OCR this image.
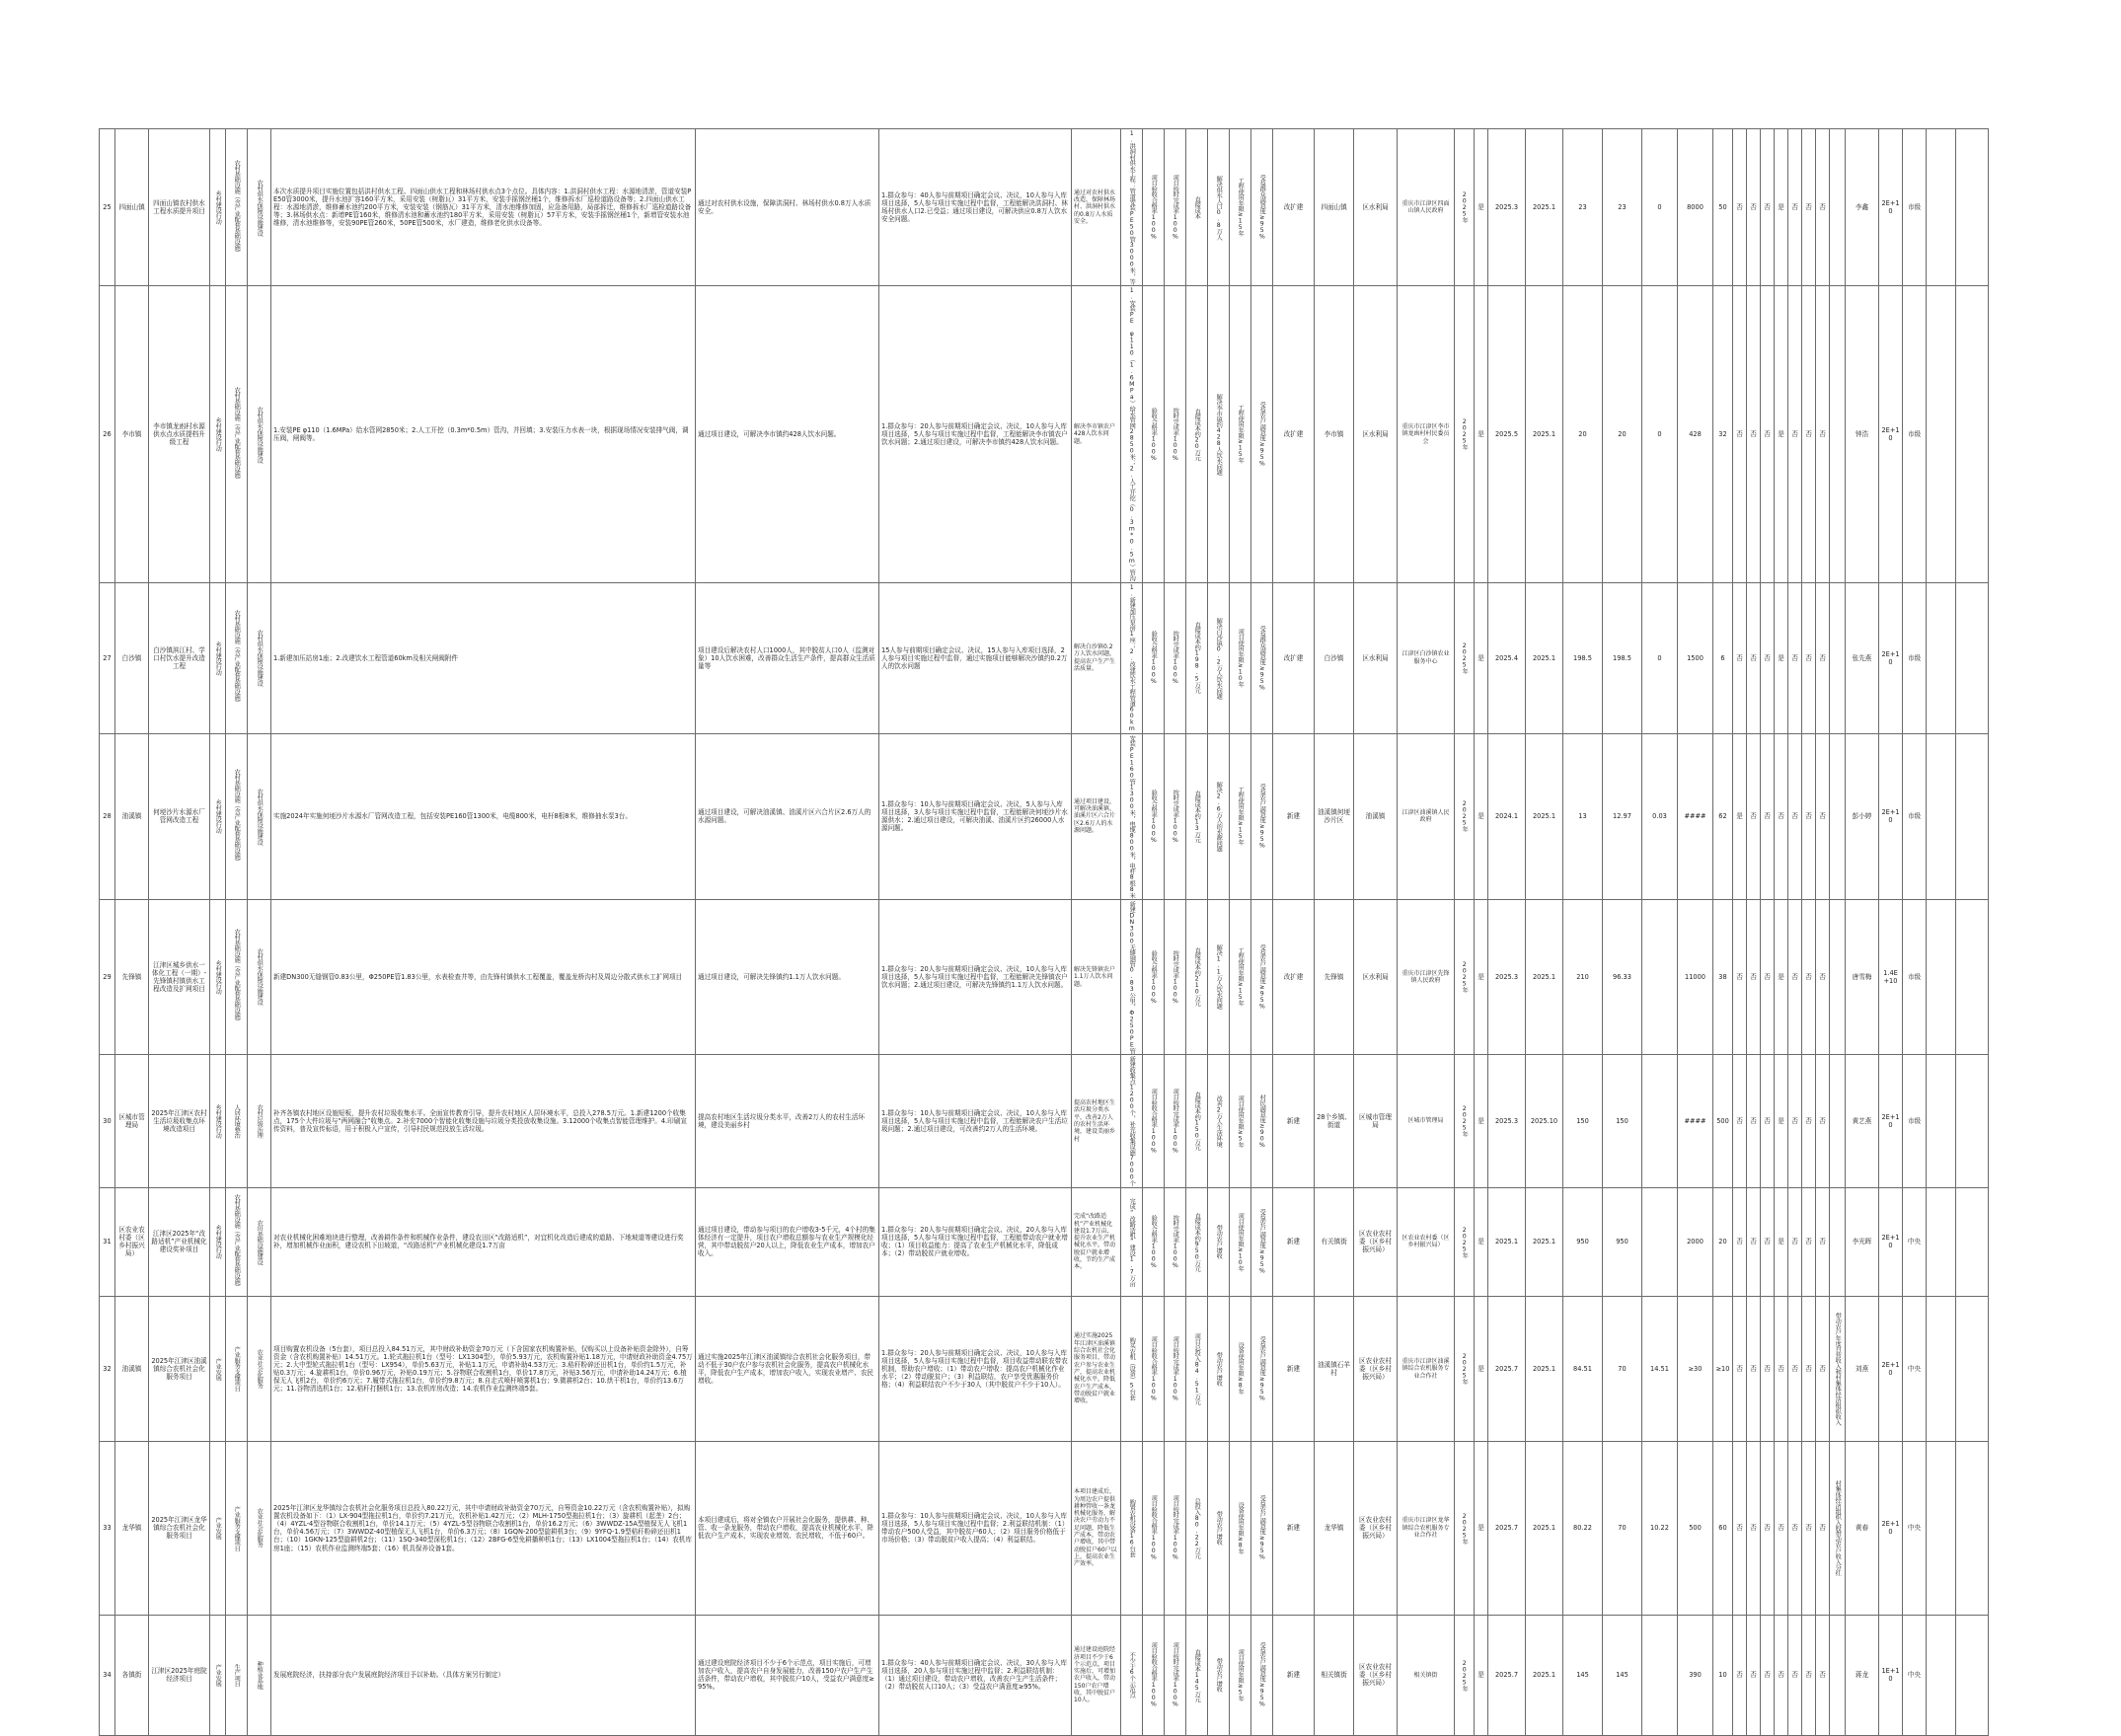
25	四面山镇	四面山镇农村供水工程水质提升项目	乡村建设行动	农村基础设施（含产业配套基础设施）	农村供水保障设施建设	本次水质提升项目实施位置包括洪村供水工程、四面山供水工程和林场村供水点3个点位。具体内容：1.洪洞村供水工程：水源地清淤，管道安装PE50管3000米，提升水池扩容160平方米，采用安装（树脂瓦）31平方米，安装手摇钢丝桶1个，维修拆水厂巡检道路设备等；2.四面山供水工程：水源地清淤，维修蓄水池约200平方米，安装安装（钢筋瓦）31平方米，清水池维修加固，应急备用路，局部拆迁，维修拆水厂巡检道路设备等；3.林场供水点：新增PE管160米，维修清水池和蓄水池约180平方米，采用安装（树脂瓦）57平方米，安装手摇钢丝桶1个，新增管安装水池维修，清水池维修等，安装90PE管260米，50PE管500米，水厂建造，维修老化供水设备等。	通过对农村供水设施，保障洪洞村、林场村供水0.8万人水质安全。	1.群众参与：40人参与前期项目确定会议、决议，10人参与入库项目选择，5人参与项目实施过程中监督，工程能解决洪洞村、林场村供水人口2.已受益；通过项目建设，可解决供应0.8万人饮水安全问题。	通过对农村供水改造，保障林场村、洪洞村供水的0.8万人水质安全。	1.洪洞村供水工程：管道安装PE50管3000米，等	项目验收合格率100%	项目按时完成率100%	直接成本	解决供水人口0.8万人	工程使用年限≥15年	受益群众满意度≥95%	改扩建	四面山镇	区水利局	重庆市江津区四面山镇人民政府	2025年	是	2025.3	2025.1	23	23	0	8000	50	否	否	否	是	否	否	否		李鑫	2E+10	市级		
26	李市镇	李市镇龙凼村水源供水点水质提档升级工程	乡村建设行动	农村基础设施（含产业配套基础设施）	农村供水保障设施建设	1.安装PE φ110（1.6MPa）给水管网2850米；2.人工开挖（0.3m*0.5m）管沟，并回填；3.安装压力水表一块，根据现场情况安装排气阀，调压阀，闸阀等。	通过项目建设，可解决李市镇约428人饮水问题。	1.群众参与：20人参与前期项目确定会议、决议，10人参与入库项目选择，5人参与项目实施过程中监督，工程能解决李市镇农户饮水问题；2.通过项目建设，可解决李市镇约428人饮水问题。	解决李市镇农户428人饮水问题。	1.安装PE φ110（1.6MPa）给水管网2850米；2.人工开挖（0.3m*0.5m）管沟	验收合格率100%	按时完成率100%	直接成本约20万元	解决李市镇约428人饮水问题	工程使用年限≥15年	受益农户满意度≥95%	改扩建	李市镇	区水利局	重庆市江津区李市镇龙凼村村民委员会	2025年	是	2025.5	2025.1	20	20	0	428	32	否	否	否	是	否	否	否		钟浩	2E+10	市级		
27	白沙镇	白沙镇滨江村、学口村饮水提升改造工程	乡村建设行动	农村基础设施（含产业配套基础设施）	农村供水保障设施建设	1.新建加压站房1座；2.改建饮水工程管道60km及相关闸阀附件	项目建设后解决农村人口1000人，其中脱贫人口0人（监测对象）10人饮水困难，改善群众生活生产条件，提高群众生活质量等	15人参与前期项目确定会议、决议，15人参与入库项目选择，2人参与项目实施过程中监督，通过实施项目能够解决沙镇约0.2万人的饮水问题	解决白沙镇0.2万人饮水问题，提高农户生产生活质量。	1.新建加压泵房1座；2.改建饮水工程管道60km	验收合格率100%	按时完成率100%	直接成本约198.5万元	解决白沙镇0.2万人饮水问题	项目使用年限≥10年	受益群众满意度≥95%	改扩建	白沙镇	区水利局	江津区白沙镇农业服务中心	2025年	是	2025.4	2025.1	198.5	198.5	0	1500	6	否	否	否	是	否	否	否		张先燕	2E+10	市级		
28	油溪镇	何埂沙片水源水厂管网改造工程	乡村建设行动	农村基础设施（含产业配套基础设施）	农村供水保障设施建设	实施2024年实施何埂沙片水源水厂管网改造工程，包括安装PE160管1300米，电缆800米，电杆8根8米，维修抽水泵3台。	通过项目建设，可解决油溪镇、油溪片区六合片区2.6万人的水源问题。	1.群众参与：10人参与前期项目确定会议、决议，5人参与入库项目选择，3人参与项目实施过程中监督，工程能解决何埂沙片水源供水；2.通过项目建设，可解决油溪、油溪片区约26000人水源问题。	通过项目建设，可解决油溪镇、油溪片区六合片区2.6万人的水源问题。	安装PE160管1300米，电缆800米，电杆8根8米	验收合格率100%	按时完成率100%	直接成本约13万元	解决2.6万人的水源问题	工程使用年限≥15年	受益农户满意度≥95%	新建	油溪镇何埂沙片区	油溪镇	江津区油溪镇人民政府	2025年	是	2024.1	2025.1	13	12.97	0.03	####	62	是	否	否	否	否	否	否		彭小婷	2E+10	市级		
29	先锋镇	江津区城乡供水一体化工程（一期）-先锋镇村镇供水工程改造及扩网项目	乡村建设行动	农村基础设施（含产业配套基础设施）	农村供水保障设施建设	新建DN300无缝钢管0.83公里，Φ250PE管1.83公里，水表检查井等，由先锋村镇供水工程覆盖，覆盖龙桥沟村及周边分散式供水工扩网项目	通过项目建设，可解决先锋镇约1.1万人饮水问题。	1.群众参与：20人参与前期项目确定会议、决议，10人参与入库项目选择，5人参与项目实施过程中监督，工程能解决先锋镇农户饮水问题；2.通过项目建设，可解决先锋镇约1.1万人饮水问题。	解决先锋镇农户1.1万人饮水问题。	新建DN300无缝钢管0.83公里，Φ250PE管	验收合格率100%	按时完成率100%	直接成本约210万元	解决1.1万人饮水问题	工程使用年限≥15年	受益农户满意度≥95%	改扩建	先锋镇	区水利局	重庆市江津区先锋镇人民政府	2025年	是	2025.3	2025.1	210	96.33		11000	38	否	否	否	是	否	否	否		唐雪梅	1.4E+10	市级		
30	区城市管理局	2025年江津区农村生活垃圾收集点环境改造项目	乡村建设行动	人居环境整治	农村垃圾治理	补齐各镇农村地区设施短板，提升农村垃圾收集水平。全面宣传教育引导，提升农村地区人居环境水平，总投入278.5万元。1.新建1200个收集点，175个大件垃圾与“两网融合”收集点。2.补充7000个智能化收集设施与垃圾分类投放收集设施。3.12000个收集点智能管理维护。4.印刷宣传资料，普及宣传标语，用于积极入户宣传，引导村民规范投放生活垃圾。	提高农村地区生活垃圾分类水平，改善2万人的农村生活环境，建设美丽乡村	1.群众参与：10人参与前期项目确定会议、决议，10人参与入库项目选择，5人参与项目实施过程中监督，工程能解决农户生活垃圾问题；2.通过项目建设，可改善约2万人的生活环境。	提高农村地区生活垃圾分类水平，改善2万人的农村生活环境，建设美丽乡村	新建收集点1200个，补充收集设施7000个	项目验收合格率100%	项目按时完成率100%	直接成本约150万元	改善2万人生活环境	项目使用年限≥5年	村民满意度≥90%	新建	28个乡镇、街道	区城市管理局	区城市管理局	2025年	是	2025.3	2025.10	150	150		####	500	否	否	否	是	否	否	否		黄艺燕	2E+10	市级		
31	区农业农村委（区乡村振兴局）	江津区2025年“改路适机”产业机械化建设奖补项目	乡村建设行动	农村基础设施（含产业配套基础设施）	农田基础设施建设	对农业机械化困难地块进行整理，改善耕作条件和机械作业条件，建设农田区“改路适机”，对宜机化改造后建成的道路、下地坡道等建设进行奖补，增加机械作业面积，建设农机下田坡道，“改路适机”产业机械化建设1.7万亩	通过项目建设，带动参与项目的农户增收3-5千元，4个村的集体经济有一定提升，项目农户增收总额参与农业生产规模化经营，其中带动脱贫户20人以上，降低农业生产成本，增加农户收入。	1.群众参与：20人参与前期项目确定会议、决议，20人参与入库项目选择，5人参与项目实施过程中监督，工程能带动农户就业增收；（1）项目收益能力：提高了农业生产机械化水平，降低成本；（2）带动脱贫户就业增收。	完成“改路适机”产业机械化建设1.7万亩，提升农业生产机械化水平，带动脱贫户就业增收，节约生产成本。	完成“改路适机”建设1.7万亩	验收合格率100%	按时完成率100%	直接成本约950万元	带动农户增收	项目使用年限≥10年	受益农户满意度≥95%	新建	有关镇街	区农业农村委（区乡村振兴局）	区农业农村委（区乡村振兴局）	2025年	是	2025.1	2025.1	950	950		2000	20	否	否	否	是	否	否	否		李光晖	2E+10	中央		
32	油溪镇	2025年江津区油溪镇综合农机社会化服务项目	产业发展	产业服务支撑项目	农业社会化服务	项目购置农机设备（5台套），项目总投入84.51万元，其中财政补助资金70万元（下含国家农机购置补贴，仅购买以上设备补贴资金除外），自筹资金（含农机购置补贴）14.51万元。1.轮式拖拉机1台（型号：LX1304型），单价5.93万元，农机购置补贴1.18万元，申请财政补助资金4.75万元；2.大中型轮式拖拉机1台（型号：LX954），单价5.63万元，补贴1.1万元，申请补助4.53万元；3.秸秆粉碎还田机1台，单价约1.5万元，补贴0.3万元；4.旋耕机1台，单价0.96万元，补贴0.19万元；5.谷物联合收割机1台，单价17.8万元，补贴3.56万元，申请补助14.24万元；6.植保无人飞机2台，单价约6万元；7.履带式拖拉机1台，单价约9.8万元；8.自走式喷杆喷雾机1台；9.微耕机2台；10.烘干机1台，单价约13.6万元；11.谷物清选机1台；12.秸秆打捆机1台；13.农机库房改造；14.农机作业监测终端5套。	通过实施2025年江津区油溪镇综合农机社会化服务项目，带动不低于30户农户参与农机社会化服务，提高农户机械化水平，降低农户生产成本，增加农户收入，实现农业增产、农民增收。	1.群众参与：20人参与前期项目确定会议、决议，10人参与入库项目选择，5人参与项目实施过程中监督，项目收益带动联农带农机制，帮助农户增收；（1）带动农户增收：提高农户机械化作业水平；（2）带动脱贫户；（3）利益联结，农户享受优惠服务价格；（4）利益联结农户不少于30人（其中脱贫户不少于10人）。	通过实施2025年江津区油溪镇综合农机社会化服务项目，带动农户参与农业生产，提高农业机械化水平，降低农户生产成本，带动脱贫户就业增收。	购买农机（设备）5台套	项目验收合格率100%	项目按时完成率100%	项目总投入84.51万元	带动农户增收	设备使用年限≥8年	受益农户满意度≥95%	新建	油溪镇石羊村	区农业农村委（区乡村振兴局）	重庆市江津区油溪镇综合农机服务专业合作社	2025年	是	2025.7	2025.1	84.51	70	14.51	≥30	≥10	否	否	否	否	否	否	否	带动农户年度自营收入和村集体经济组织收入	刘燕	2E+10	中央		
33	龙华镇	2025年江津区龙华镇综合农机社会化服务项目	产业发展	产业服务支撑项目	农业社会化服务	2025年江津区龙华镇综合农机社会化服务项目总投入80.22万元，其中申请财政补助资金70万元，自筹资金10.22万元（含农机购置补贴），拟购置农机设备如下：（1）LX-904型拖拉机1台，单价约7.21万元，农机补贴1.42万元；（2）MLH-1750型拖拉机1台；（3）旋耕机（起垄）2台；（4）4YZL-4型谷物联合收割机1台，单价14.1万元；（5）4YZL-5型谷物联合收割机1台，单价16.2万元；（6）3WWDZ-15A型植保无人飞机1台，单价4.56万元；（7）3WWDZ-40型植保无人飞机1台，单价6.3万元；（8）1GQN-200型旋耕机3台；（9）9YFQ-1.9型秸秆粉碎还田机1台；（10）1GKN-125型旋耕机2台；（11）1SQ-340型深松机1台；（12）2BFG-6型免耕播种机1台；（13）LX1004型拖拉机1台；（14）农机库房1座；（15）农机作业监测终端5套；（16）机具保养设备1套。	本项目建成后，将对全镇农户开展社会化服务，提供耕、种、管、收一条龙服务，带动农户增收，提高农业机械化水平，降低农户生产成本，实现农业增效、农民增收，不低于60户。	1.群众参与：10人参与前期项目确定会议、决议，10人参与入库项目选择，5人参与项目实施过程中监督；2.利益联结机制：（1）带动农户500人受益，其中脱贫户60人；（2）项目服务价格低于市场价格；（3）带动脱贫户收入提高；（4）利益联结。	本项目建成后，为周边农户提供耕种管收一条龙机械化服务，解决农户劳动力不足问题，降低生产成本，带动农户增收，其中带动脱贫户60户以上，提高农业生产效率。	购置农机设备16台套	项目验收合格率100%	项目按时完成率100%	总投入80.22万元	带动农户增收	设备使用年限≥8年	受益农户满意度≥95%	新建	龙华镇	区农业农村委（区乡村振兴局）	重庆市江津区龙华镇综合农机服务专业合作社	2025年	是	2025.7	2025.1	80.22	70	10.22	500	60	否	否	否	否	否	否	否	村集体经济组织入股带动农户收入分红	黄春	2E+10	中央		
34	各镇街	江津区2025年庭院经济项目	产业发展	生产项目	种植业基地	发展庭院经济，扶持部分农户发展庭院经济项目予以补助。（具体方案另行制定）	通过建设庭院经济项目不少于6个示范点，项目实施后，可增加农户收入，提高农户自身发展能力，改善150户农户生产生活条件，带动农户增收，其中脱贫户10人，受益农户满意度≥95%。	1.群众参与：40人参与前期项目确定会议、决议，30人参与入库项目选择，20人参与项目实施过程中监督；2.利益联结机制：（1）通过项目建设，带动农户增收，改善农户生产生活条件；（2）带动脱贫人口10人；（3）受益农户满意度≥95%。	通过建设庭院经济项目不少于6个示范点，项目实施后，可增加农户收入，带动150户农户增收，其中脱贫户10人。	不少于6个示范点	项目验收合格率100%	项目按时完成率100%	直接成本145万元	带动农户增收	项目使用年限≥5年	受益农户满意度≥95%	新建	相关镇街	区农业农村委（区乡村振兴局）	相关镇街	2025年	是	2025.7	2025.1	145	145		390	10	否	否	否	否	否	否	否		蒋龙	1E+10	中央		
